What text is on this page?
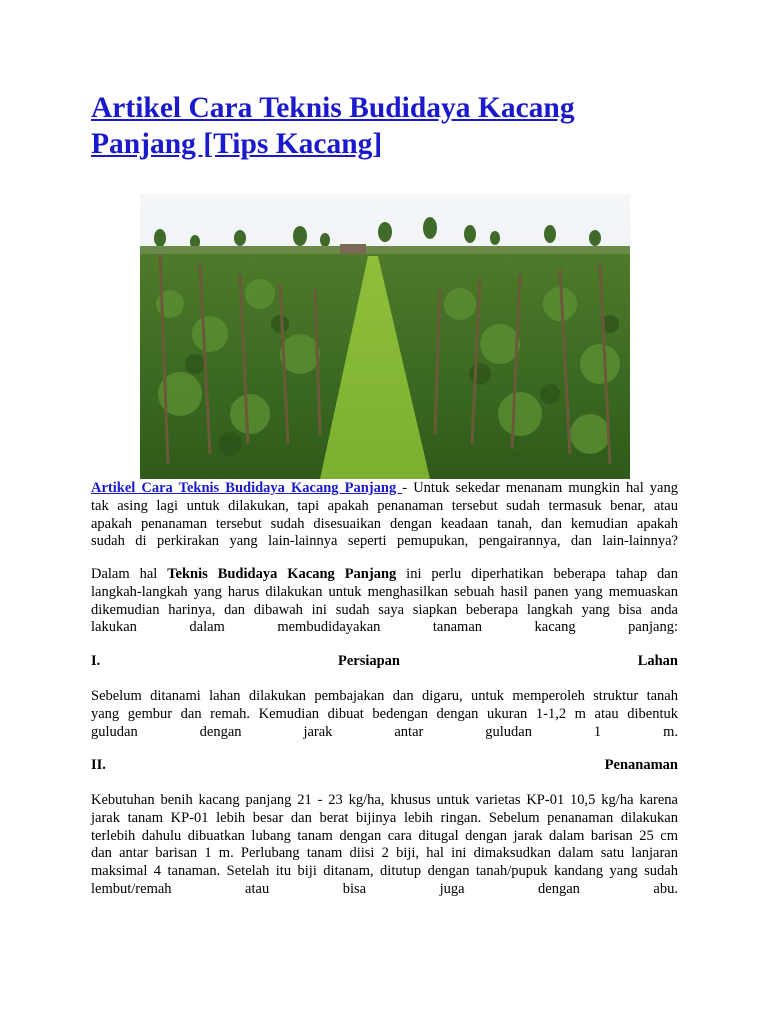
Artikel Cara Teknis Budidaya Kacang
Panjang [Tips Kacang]
Artikel Cara Teknis Budidaya Kacang Panjang - Untuk sekedar menanam mungkin hal yang
tak asing lagi untuk dilakukan, tapi apakah penanaman tersebut sudah termasuk benar, atau
apakah penanaman tersebut sudah disesuaikan dengan keadaan tanah, dan kemudian apakah
sudah di perkirakan yang lain-lainnya seperti pemupukan, pengairannya, dan lain-lainnya?
Dalam hal Teknis Budidaya Kacang Panjang ini perlu diperhatikan beberapa tahap dan
langkah-langkah yang harus dilakukan untuk menghasilkan sebuah hasil panen yang memuaskan
dikemudian harinya, dan dibawah ini sudah saya siapkan beberapa langkah yang bisa anda
lakukan dalam membudidayakan tanaman kacang panjang:
I.	Persiapan	Lahan
Sebelum ditanami lahan dilakukan pembajakan dan digaru, untuk memperoleh struktur tanah
yang gembur dan remah. Kemudian dibuat bedengan dengan ukuran 1-1,2 m atau dibentuk
guludan dengan jarak antar guludan 1 m.
II.	Penanaman
Kebutuhan benih kacang panjang 21 - 23 kg/ha, khusus untuk varietas KP-01 10,5 kg/ha karena
jarak tanam KP-01 lebih besar dan berat bijinya lebih ringan. Sebelum penanaman dilakukan
terlebih dahulu dibuatkan lubang tanam dengan cara ditugal dengan jarak dalam barisan 25 cm
dan antar barisan 1 m. Perlubang tanam diisi 2 biji, hal ini dimaksudkan dalam satu lanjaran
maksimal 4 tanaman. Setelah itu biji ditanam, ditutup dengan tanah/pupuk kandang yang sudah
lembut/remah atau bisa juga dengan abu.
